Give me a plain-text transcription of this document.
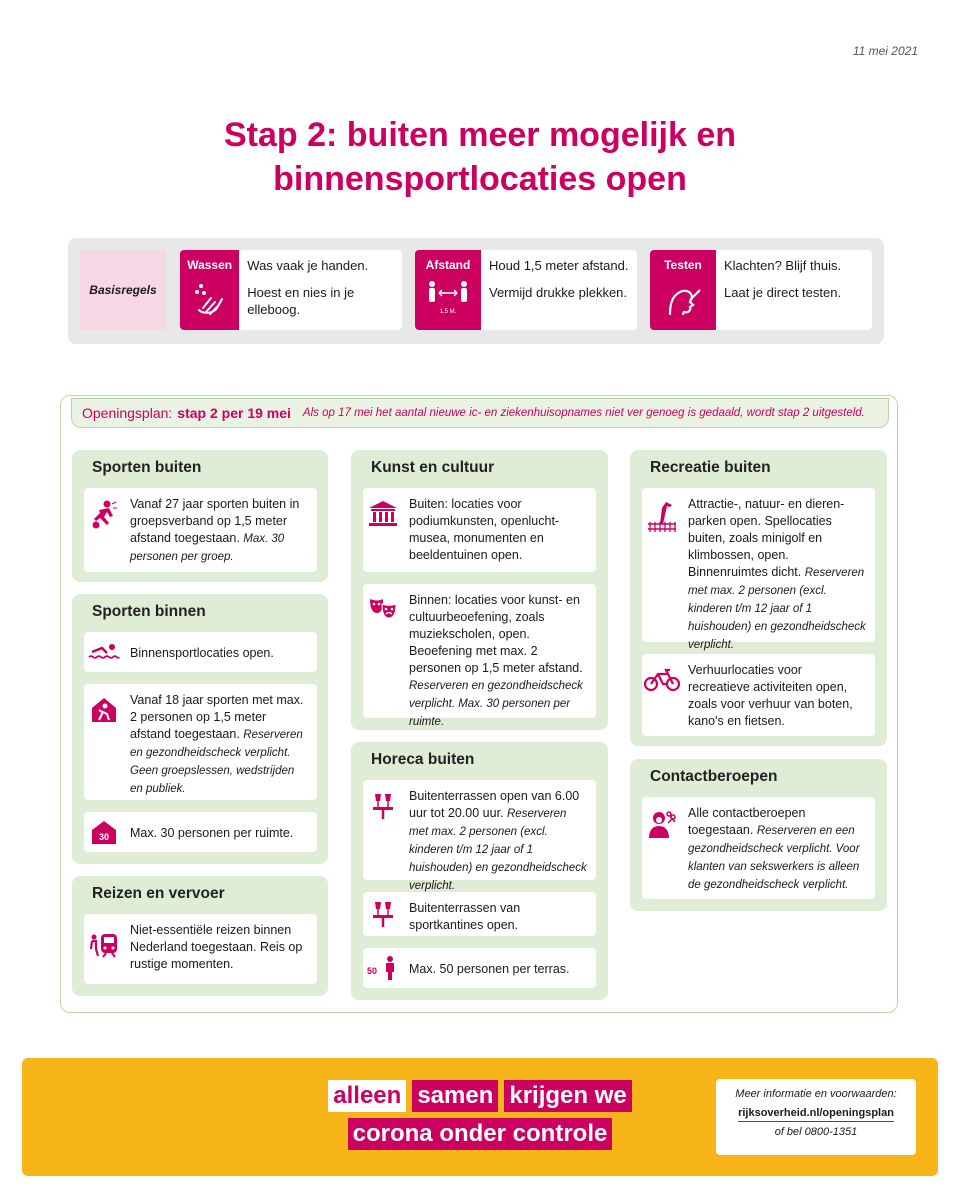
11 mei 2021
Stap 2: buiten meer mogelijk en
binnensportlocaties open
Basisregels
Wassen Was vaak je handen.

Hoest en nies in je elleboog.

Afstand
1,5 M.

Houd 1,5 meter afstand.

Vermijd drukke plekken.

Testen Klachten? Blijf thuis.

Laat je direct testen.

Openingsplan: stap 2 per 19 mei Als op 17 mei het aantal nieuwe ic- en ziekenhuisopnames niet ver genoeg is gedaald, wordt stap 2 uitgesteld.
Sporten buiten
Vanaf 27 jaar sporten buiten in groepsverband op 1,5 meter afstand toegestaan. Max. 30 personen per groep.
Sporten binnen
Binnensportlocaties open.
Vanaf 18 jaar sporten met max. 2 personen op 1,5 meter afstand toegestaan. Reserveren en gezondheidscheck verplicht. Geen groepslessen, wedstrijden en publiek.
30 Max. 30 personen per ruimte.
Reizen en vervoer
Niet-essentiële reizen binnen Nederland toegestaan. Reis op rustige momenten.
Kunst en cultuur
Buiten: locaties voor podiumkunsten, openlucht-musea, monumenten en beeldentuinen open.
Binnen: locaties voor kunst- en cultuurbeoefening, zoals muziekscholen, open. Beoefening met max. 2 personen op 1,5 meter afstand. Reserveren en gezondheidscheck verplicht. Max. 30 personen per ruimte.
Horeca buiten
Buitenterrassen open van 6.00 uur tot 20.00 uur. Reserveren met max. 2 personen (excl. kinderen t/m 12 jaar of 1 huishouden) en gezondheidscheck verplicht.
Buitenterrassen van sportkantines open.
50	Max. 50 personen per terras.
Recreatie buiten
Attractie-, natuur- en dieren-parken open. Spellocaties buiten, zoals minigolf en klimbossen, open. Binnenruimtes dicht. Reserveren met max. 2 personen (excl. kinderen t/m 12 jaar of 1 huishouden) en gezondheidscheck verplicht.
Verhuurlocaties voor recreatieve activiteiten open, zoals voor verhuur van boten, kano's en fietsen.
Contactberoepen
Alle contactberoepen toegestaan. Reserveren en een gezondheidscheck verplicht. Voor klanten van sekswerkers is alleen de gezondheidscheck verplicht.
alleen samen krijgen we
corona onder controle
Meer informatie en voorwaarden:
rijksoverheid.nl/openingsplan
of bel 0800-1351
